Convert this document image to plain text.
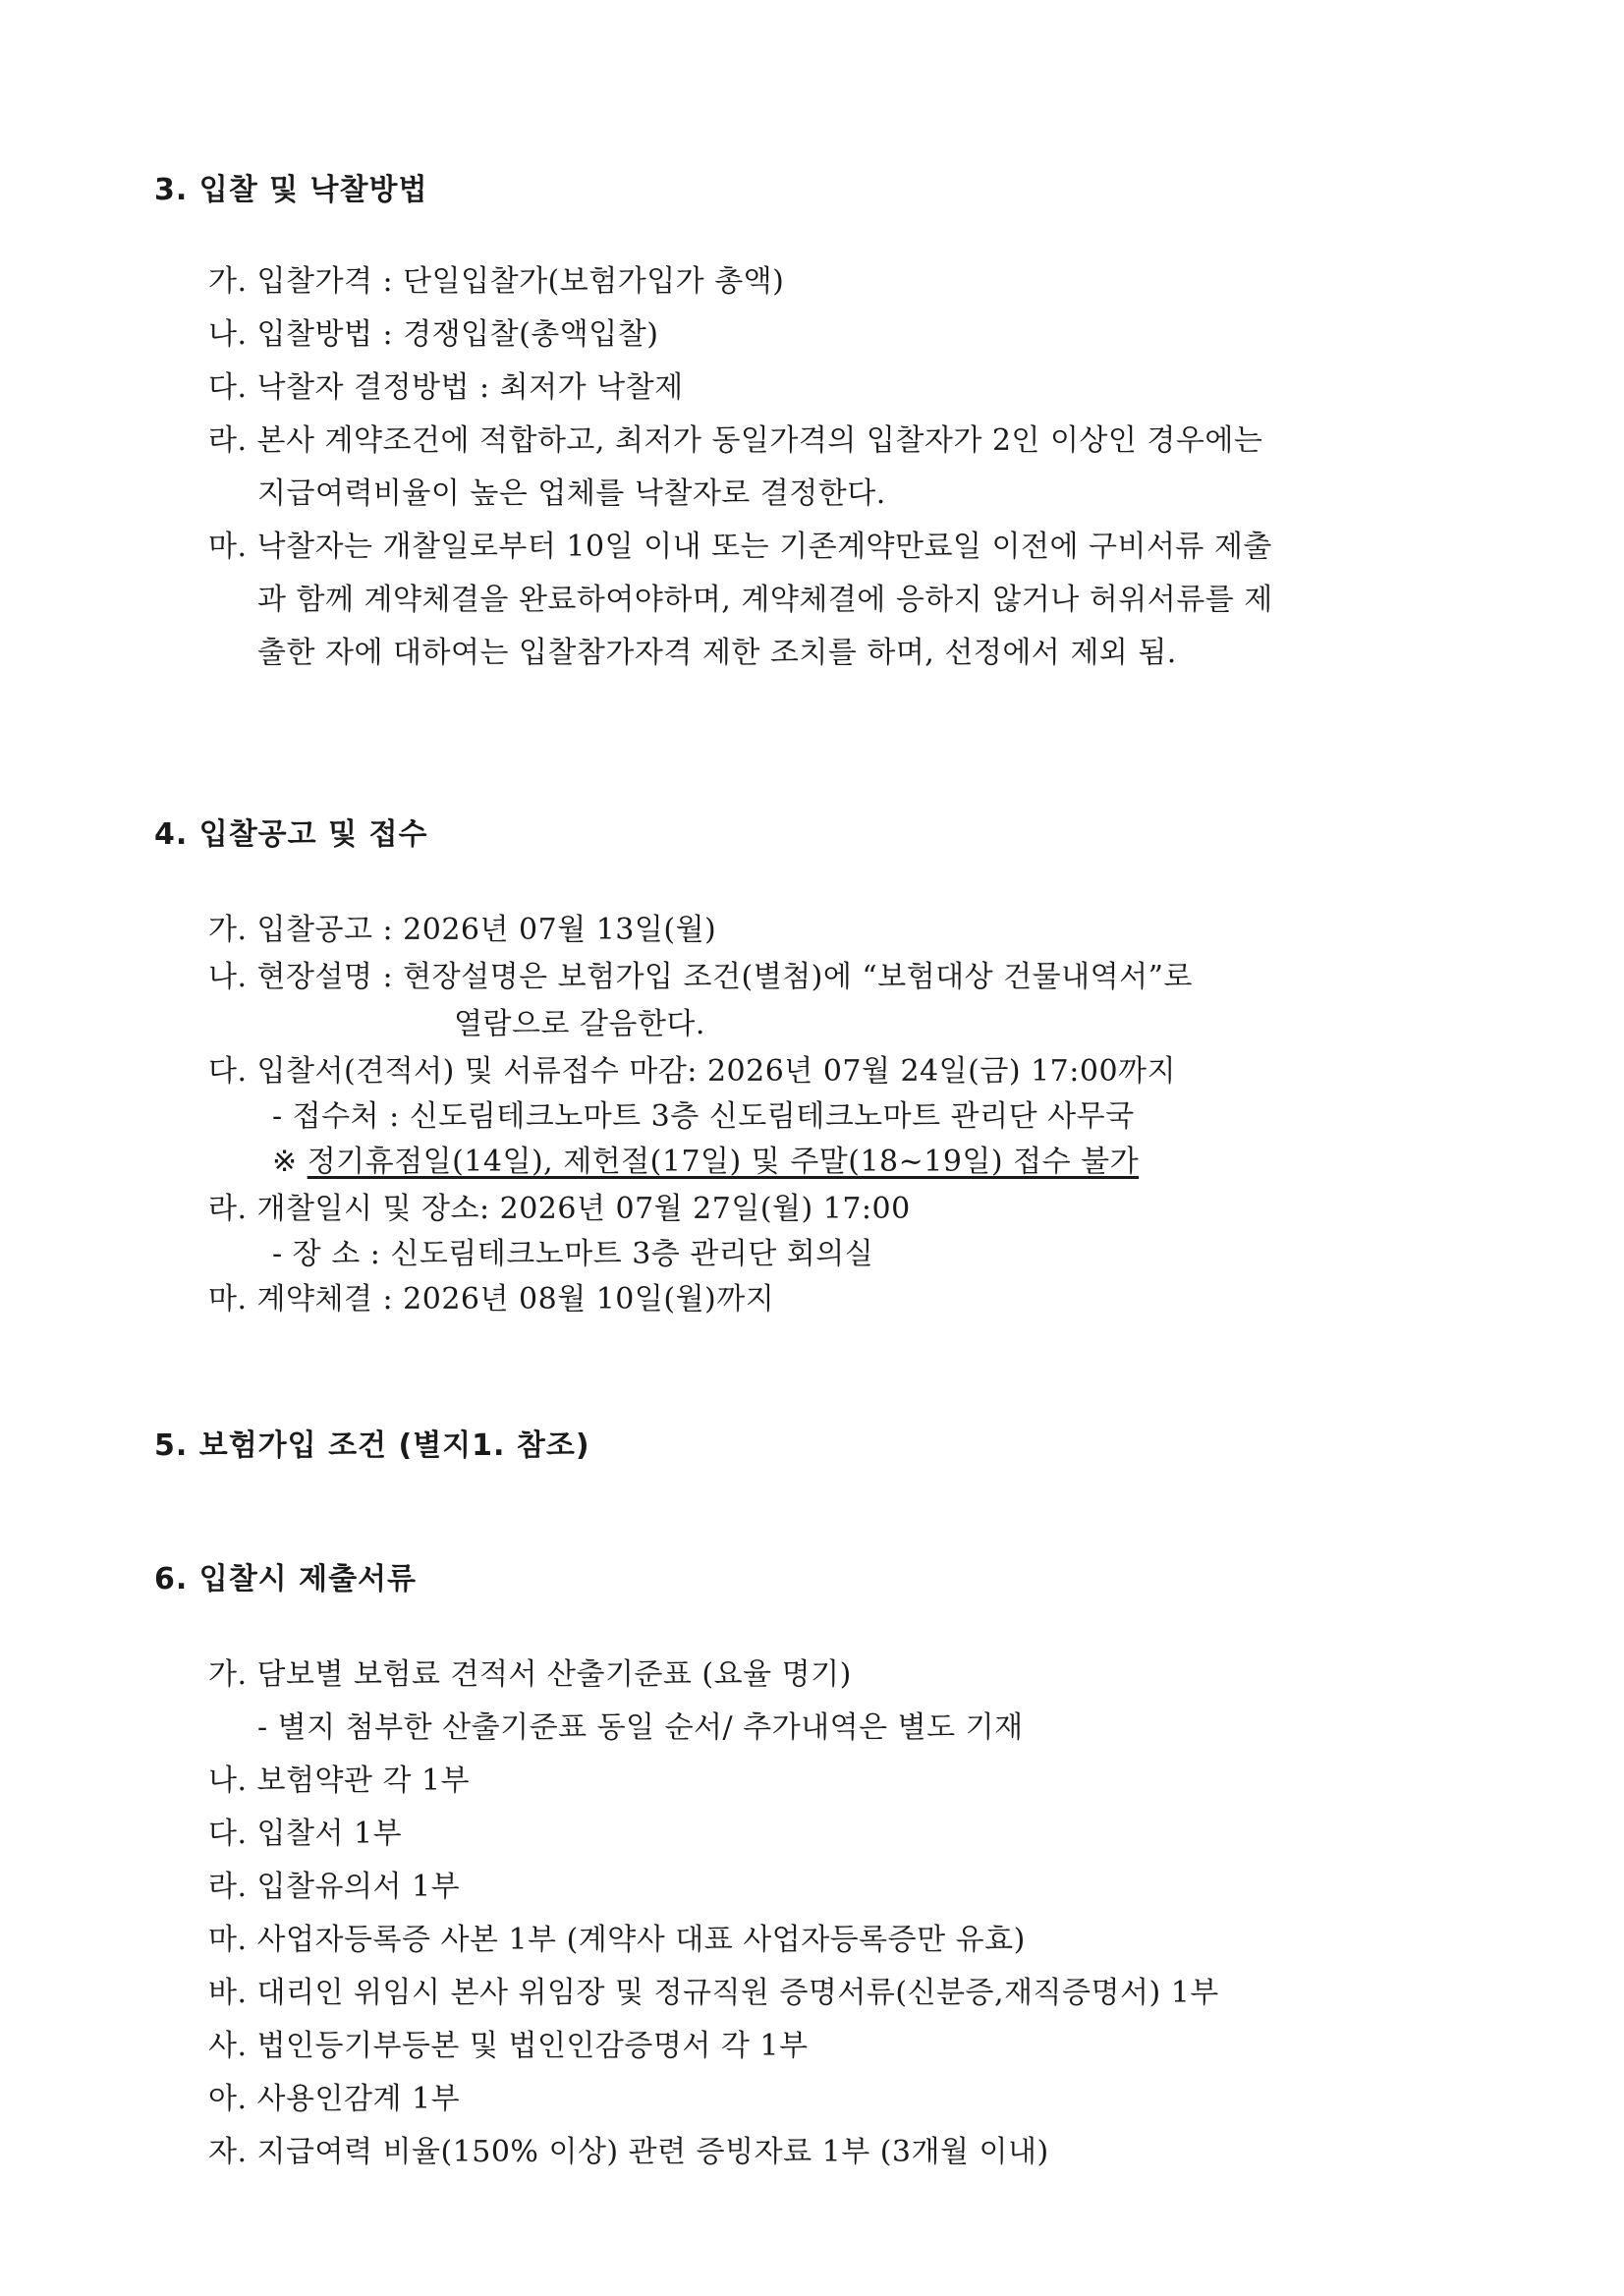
3. 입찰 및 낙찰방법
가. 입찰가격 : 단일입찰가(보험가입가 총액)
나. 입찰방법 : 경쟁입찰(총액입찰)
다. 낙찰자 결정방법 : 최저가 낙찰제
라. 본사 계약조건에 적합하고, 최저가 동일가격의 입찰자가 2인 이상인 경우에는
지급여력비율이 높은 업체를 낙찰자로 결정한다.
마. 낙찰자는 개찰일로부터 10일 이내 또는 기존계약만료일 이전에 구비서류 제출
과 함께 계약체결을 완료하여야하며, 계약체결에 응하지 않거나 허위서류를 제
출한 자에 대하여는 입찰참가자격 제한 조치를 하며, 선정에서 제외 됨.
4. 입찰공고 및 접수
가. 입찰공고 : 2026년 07월 13일(월)
나. 현장설명 : 현장설명은 보험가입 조건(별첨)에 “보험대상 건물내역서”로
열람으로 갈음한다.
다. 입찰서(견적서) 및 서류접수 마감: 2026년 07월 24일(금) 17:00까지
- 접수처 : 신도림테크노마트 3층 신도림테크노마트 관리단 사무국
※ 정기휴점일(14일), 제헌절(17일) 및 주말(18~19일) 접수 불가
라. 개찰일시 및 장소: 2026년 07월 27일(월) 17:00
- 장 소 : 신도림테크노마트 3층 관리단 회의실
마. 계약체결 : 2026년 08월 10일(월)까지
5. 보험가입 조건 (별지1. 참조)
6. 입찰시 제출서류
가. 담보별 보험료 견적서 산출기준표 (요율 명기)
- 별지 첨부한 산출기준표 동일 순서/ 추가내역은 별도 기재
나. 보험약관 각 1부
다. 입찰서 1부
라. 입찰유의서 1부
마. 사업자등록증 사본 1부 (계약사 대표 사업자등록증만 유효)
바. 대리인 위임시 본사 위임장 및 정규직원 증명서류(신분증,재직증명서) 1부
사. 법인등기부등본 및 법인인감증명서 각 1부
아. 사용인감계 1부
자. 지급여력 비율(150% 이상) 관련 증빙자료 1부 (3개월 이내)
